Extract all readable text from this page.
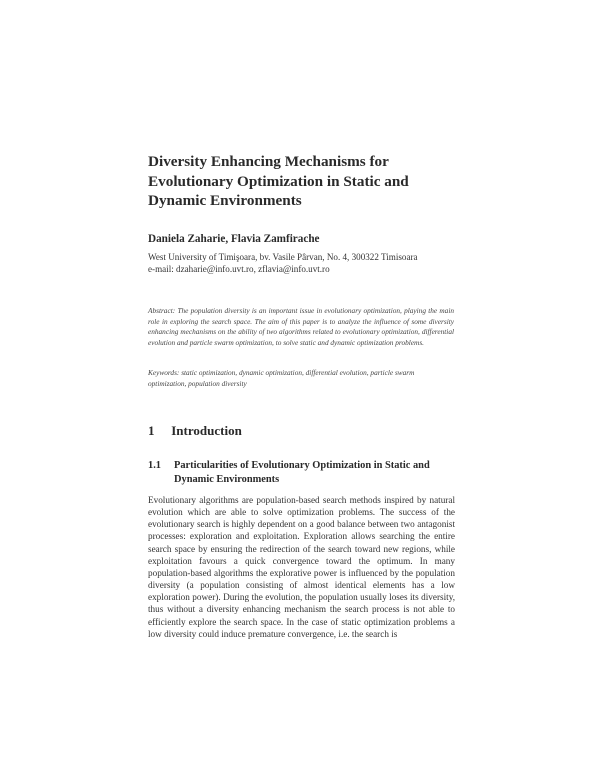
Diversity Enhancing Mechanisms for Evolutionary Optimization in Static and Dynamic Environments
Daniela Zaharie, Flavia Zamfirache
West University of Timişoara, bv. Vasile Pârvan, No. 4, 300322 Timisoara
e-mail: dzaharie@info.uvt.ro, zflavia@info.uvt.ro
Abstract: The population diversity is an important issue in evolutionary optimization, playing the main role in exploring the search space. The aim of this paper is to analyze the influence of some diversity enhancing mechanisms on the ability of two algorithms related to evolutionary optimization, differential evolution and particle swarm optimization, to solve static and dynamic optimization problems.
Keywords: static optimization, dynamic optimization, differential evolution, particle swarm optimization, population diversity
1 Introduction
1.1 Particularities of Evolutionary Optimization in Static and Dynamic Environments
Evolutionary algorithms are population-based search methods inspired by natural evolution which are able to solve optimization problems. The success of the evolutionary search is highly dependent on a good balance between two antagonist processes: exploration and exploitation. Exploration allows searching the entire search space by ensuring the redirection of the search toward new regions, while exploitation favours a quick convergence toward the optimum. In many population-based algorithms the explorative power is influenced by the population diversity (a population consisting of almost identical elements has a low exploration power). During the evolution, the population usually loses its diversity, thus without a diversity enhancing mechanism the search process is not able to efficiently explore the search space. In the case of static optimization problems a low diversity could induce premature convergence, i.e. the search is
